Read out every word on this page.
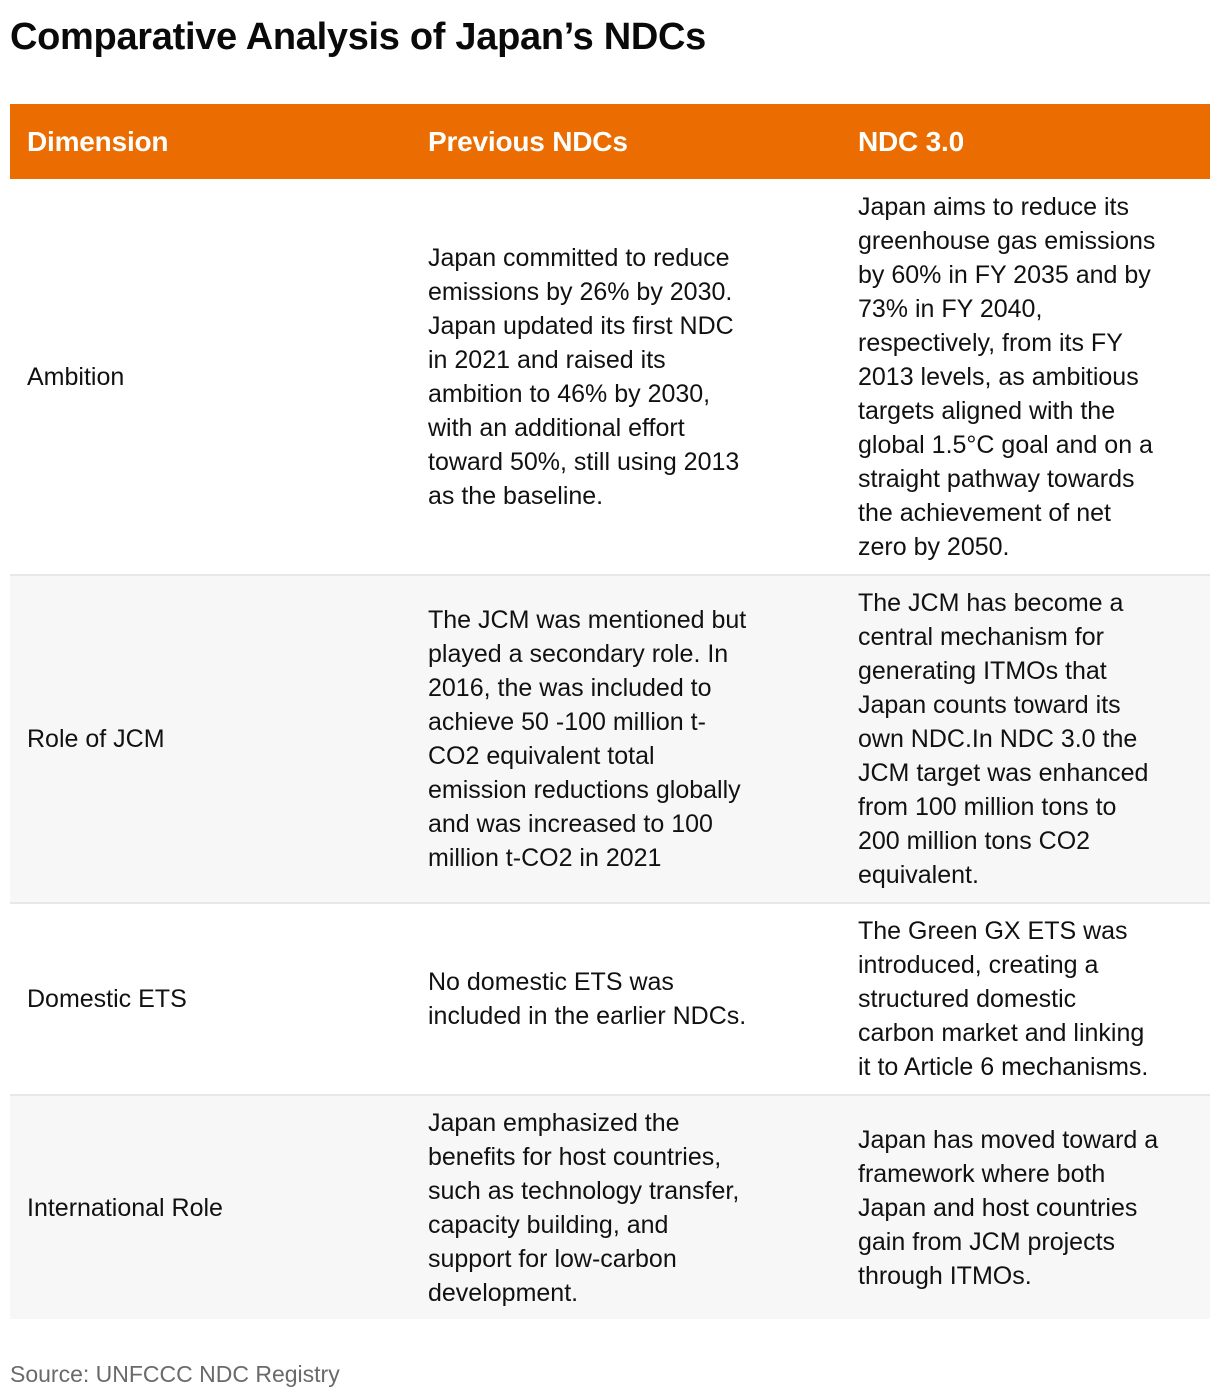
Comparative Analysis of Japan’s NDCs
Dimension	Previous NDCs	NDC 3.0
Ambition
Japan committed to reduce
emissions by 26% by 2030.
Japan updated its first NDC
in 2021 and raised its
ambition to 46% by 2030,
with an additional effort
toward 50%, still using 2013
as the baseline.
Japan aims to reduce its
greenhouse gas emissions
by 60% in FY 2035 and by
73% in FY 2040,
respectively, from its FY
2013 levels, as ambitious
targets aligned with the
global 1.5°C goal and on a
straight pathway towards
the achievement of net
zero by 2050.
Role of JCM
The JCM was mentioned but
played a secondary role. In
2016, the was included to
achieve 50 -100 million t-
CO2 equivalent total
emission reductions globally
and was increased to 100
million t-CO2 in 2021
The JCM has become a
central mechanism for
generating ITMOs that
Japan counts toward its
own NDC.In NDC 3.0 the
JCM target was enhanced
from 100 million tons to
200 million tons CO2
equivalent.
Domestic ETS
No domestic ETS was
included in the earlier NDCs.
The Green GX ETS was
introduced, creating a
structured domestic
carbon market and linking
it to Article 6 mechanisms.
International Role
Japan emphasized the
benefits for host countries,
such as technology transfer,
capacity building, and
support for low-carbon
development.
Japan has moved toward a
framework where both
Japan and host countries
gain from JCM projects
through ITMOs.

Source: UNFCCC NDC Registry
